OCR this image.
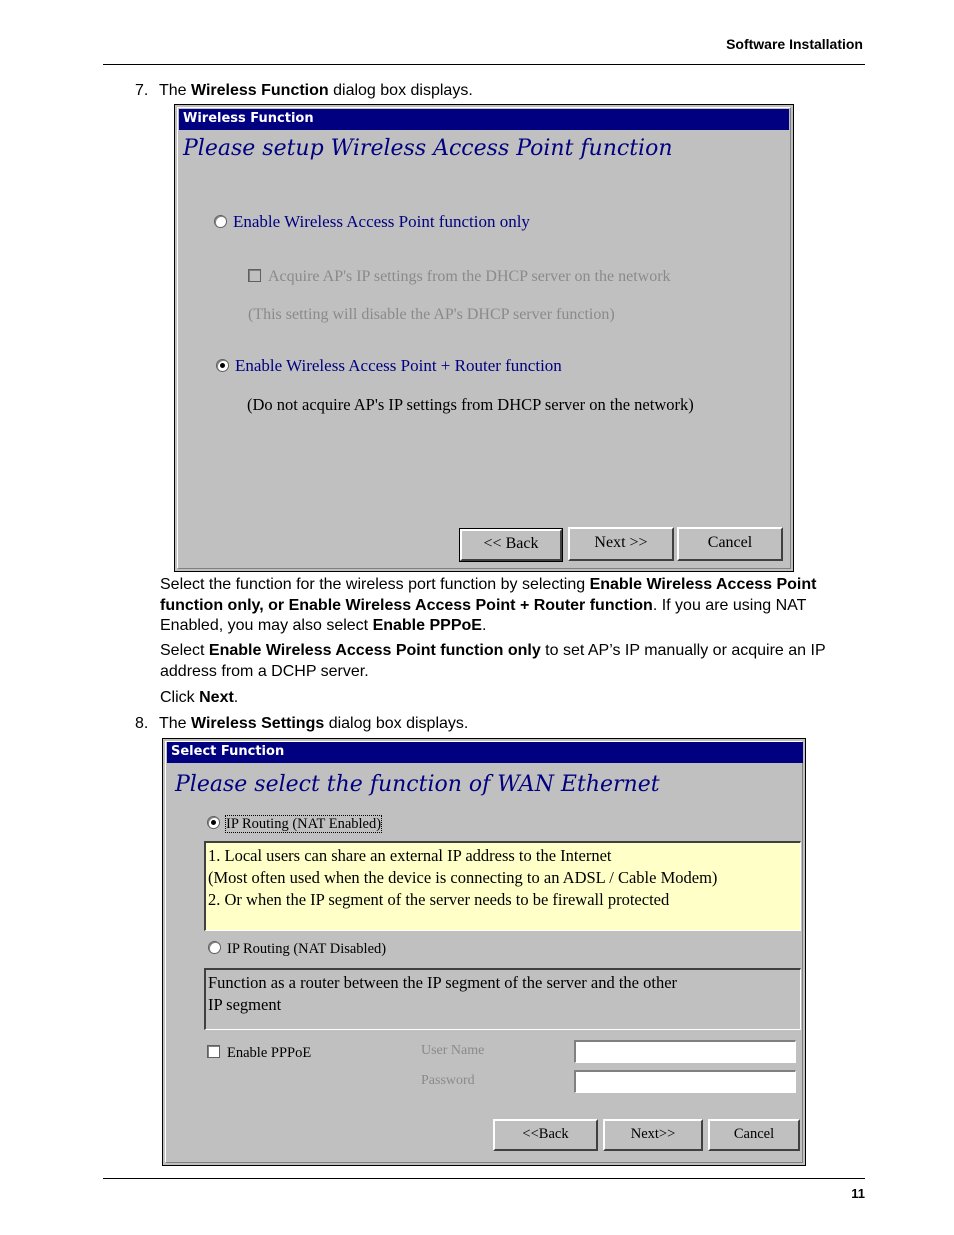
Software Installation
7. The Wireless Function dialog box displays.
Wireless Function
Please setup Wireless Access Point function
Enable Wireless Access Point function only
Acquire AP's IP settings from the DHCP server on the network
(This setting will disable the AP's DHCP server function)
Enable Wireless Access Point + Router function
(Do not acquire AP's IP settings from DHCP server on the network)
<< Back	Next >>	Cancel
Select the function for the wireless port function by selecting Enable Wireless Access Point function only, or Enable Wireless Access Point + Router function. If you are using NAT Enabled, you may also select Enable PPPoE.
Select Enable Wireless Access Point function only to set AP’s IP manually or acquire an IP address from a DCHP server.
Click Next.
8. The Wireless Settings dialog box displays.
Select Function
Please select the function of WAN Ethernet
IP Routing (NAT Enabled)
1. Local users can share an external IP address to the Internet
(Most often used when the device is connecting to an ADSL / Cable Modem)
2. Or when the IP segment of the server needs to be firewall protected
IP Routing (NAT Disabled)
Function as a router between the IP segment of the server and the other
IP segment
Enable PPPoE	User Name
Password
<<Back	Next>>	Cancel
11
